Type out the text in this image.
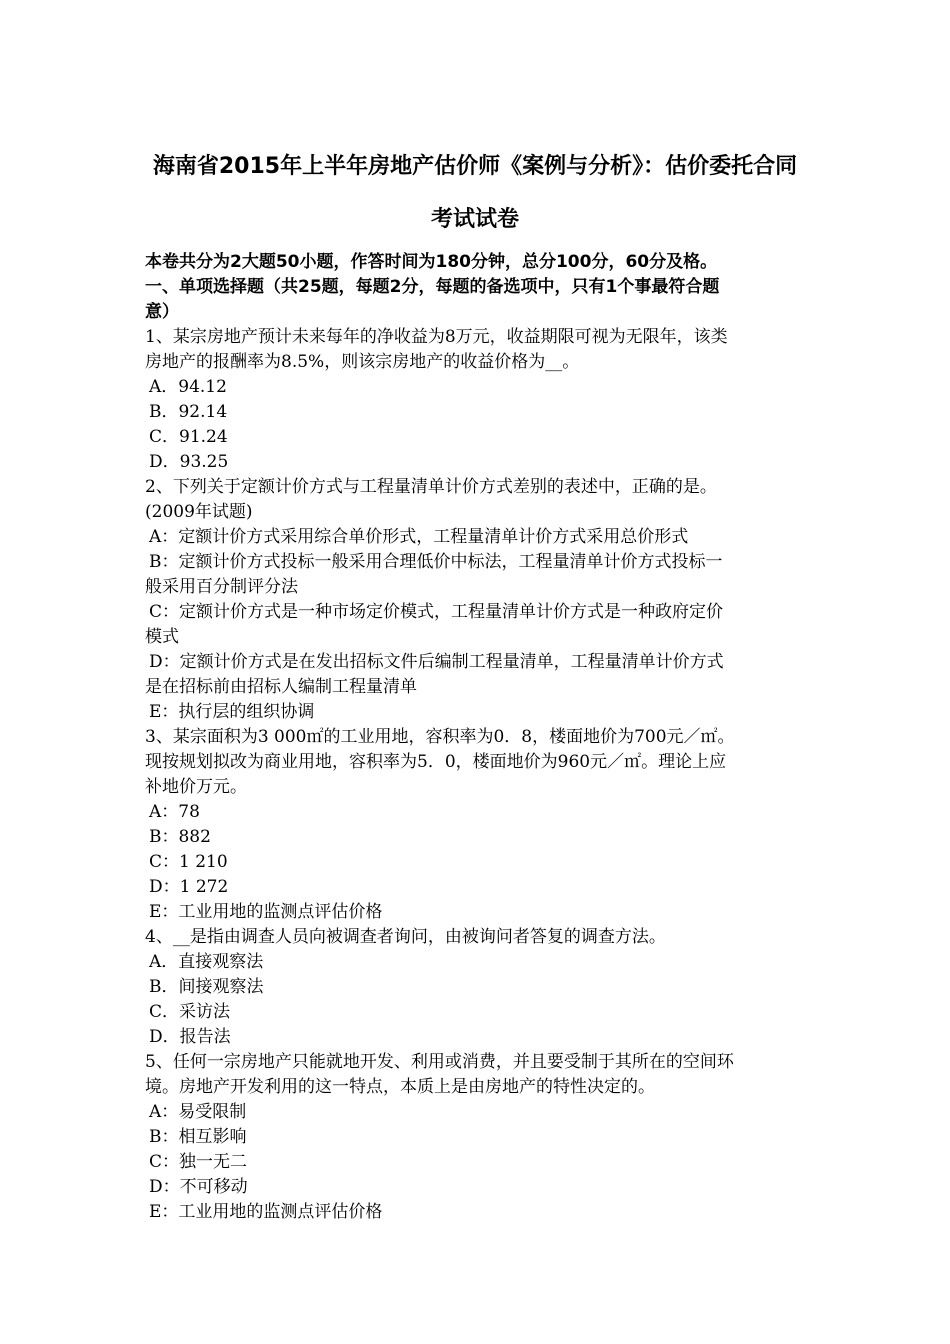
海南省2015年上半年房地产估价师《案例与分析》：估价委托合同
考试试卷
本卷共分为2大题50小题，作答时间为180分钟，总分100分，60分及格。
一、单项选择题（共25题，每题2分，每题的备选项中，只有1个事最符合题
意）
1、某宗房地产预计未来每年的净收益为8万元，收益期限可视为无限年，该类
房地产的报酬率为8.5%，则该宗房地产的收益价格为__。
A．94.12
B．92.14
C．91.24
D．93.25
2、下列关于定额计价方式与工程量清单计价方式差别的表述中，正确的是。
(2009年试题)
A：定额计价方式采用综合单价形式，工程量清单计价方式采用总价形式
B：定额计价方式投标一般采用合理低价中标法，工程量清单计价方式投标一
般采用百分制评分法
C：定额计价方式是一种市场定价模式，工程量清单计价方式是一种政府定价
模式
D：定额计价方式是在发出招标文件后编制工程量清单，工程量清单计价方式
是在招标前由招标人编制工程量清单
E：执行层的组织协调
3、某宗面积为3 000㎡的工业用地，容积率为0．8，楼面地价为700元／㎡。
现按规划拟改为商业用地，容积率为5．0，楼面地价为960元／㎡。理论上应
补地价万元。
A：78
B：882
C：1 210
D：1 272
E：工业用地的监测点评估价格
4、__是指由调查人员向被调查者询问，由被询问者答复的调查方法。
A．直接观察法
B．间接观察法
C．采访法
D．报告法
5、任何一宗房地产只能就地开发、利用或消费，并且要受制于其所在的空间环
境。房地产开发利用的这一特点，本质上是由房地产的特性决定的。
A：易受限制
B：相互影响
C：独一无二
D：不可移动
E：工业用地的监测点评估价格
